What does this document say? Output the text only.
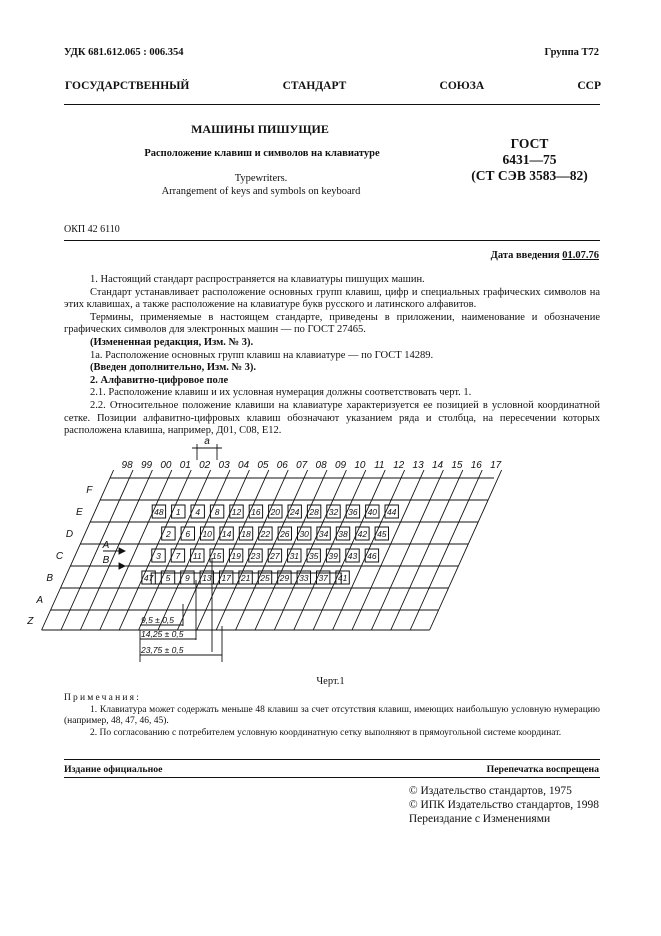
УДК 681.612.065 : 006.354	Группа Т72
ГОСУДАРСТВЕННЫЙ СТАНДАРТ СОЮЗА ССР
МАШИНЫ ПИШУЩИЕ
Расположение клавиш и символов на клавиатуре
Typewriters.
Arrangement of keys and symbols on keyboard
ГОСТ
6431—75
(СТ СЭВ 3583—82)
ОКП 42 6110
Дата введения 01.07.76

1. Настоящий стандарт распространяется на клавиатуры пишущих машин.

Стандарт устанавливает расположение основных групп клавиш, цифр и специальных графических символов на этих клавишах, а также расположение на клавиатуре букв русского и латинского алфавитов.

Термины, применяемые в настоящем стандарте, приведены в приложении, наименование и обозначение графических символов для электронных машин — по ГОСТ 27465.

(Измененная редакция, Изм. № 3).

1а. Расположение основных групп клавиш на клавиатуре — по ГОСТ 14289.

(Введен дополнительно, Изм. № 3).

2. Алфавитно-цифровое поле

2.1. Расположение клавиш и их условная нумерация должны соответствовать черт. 1.

2.2. Относительное положение клавиши на клавиатуре характеризуется ее позицией в условной координатной сетке. Позиции алфавитно-цифровых клавиш обозначают указанием ряда и столбца, на пересечении которых расположена клавиша, например, Д01, С08, Е12.

98 99 00 01 02 03 04 05 06 07 08 09 10 11 12 13 14 15 16 17
F
E
D
C
B
A
Z
48 1 4 8 12 16 20 24 28 32 36 40 44
2 6 10 14 18 22 26 30 34 38 42 45
3 7 11 15 19 23 27 31 35 39 43 46
47 5 9 13 17 21 25 29 33 37 41
A
B
a
9,5 ± 0,5
14,25 ± 0,5
23,75 ± 0,5
Черт.1

Примечания:

1. Клавиатура может содержать меньше 48 клавиш за счет отсутствия клавиш, имеющих наибольшую условную нумерацию (например, 48, 47, 46, 45).

2. По согласованию с потребителем условную координатную сетку выполняют в прямоугольной системе координат.

Издание официальное	Перепечатка воспрещена
© Издательство стандартов, 1975
© ИПК Издательство стандартов, 1998
Переиздание с Изменениями
